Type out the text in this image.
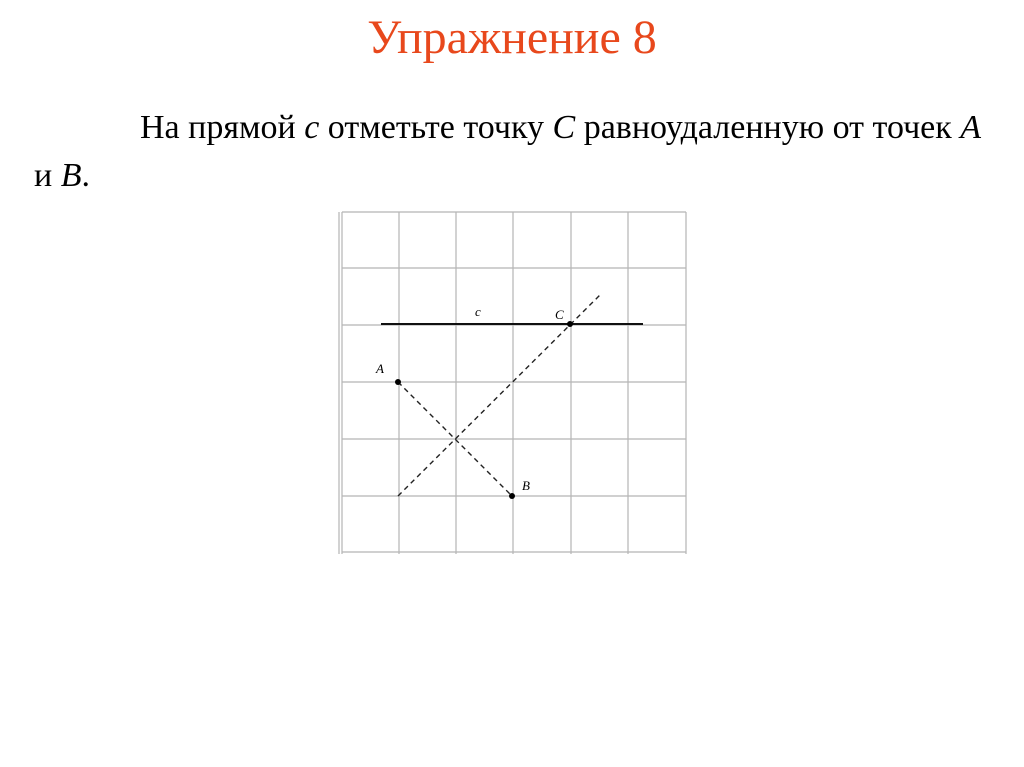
Упражнение 8

На прямой c отметьте точку C равноудаленную от точек A и B.

c
A
B
C
